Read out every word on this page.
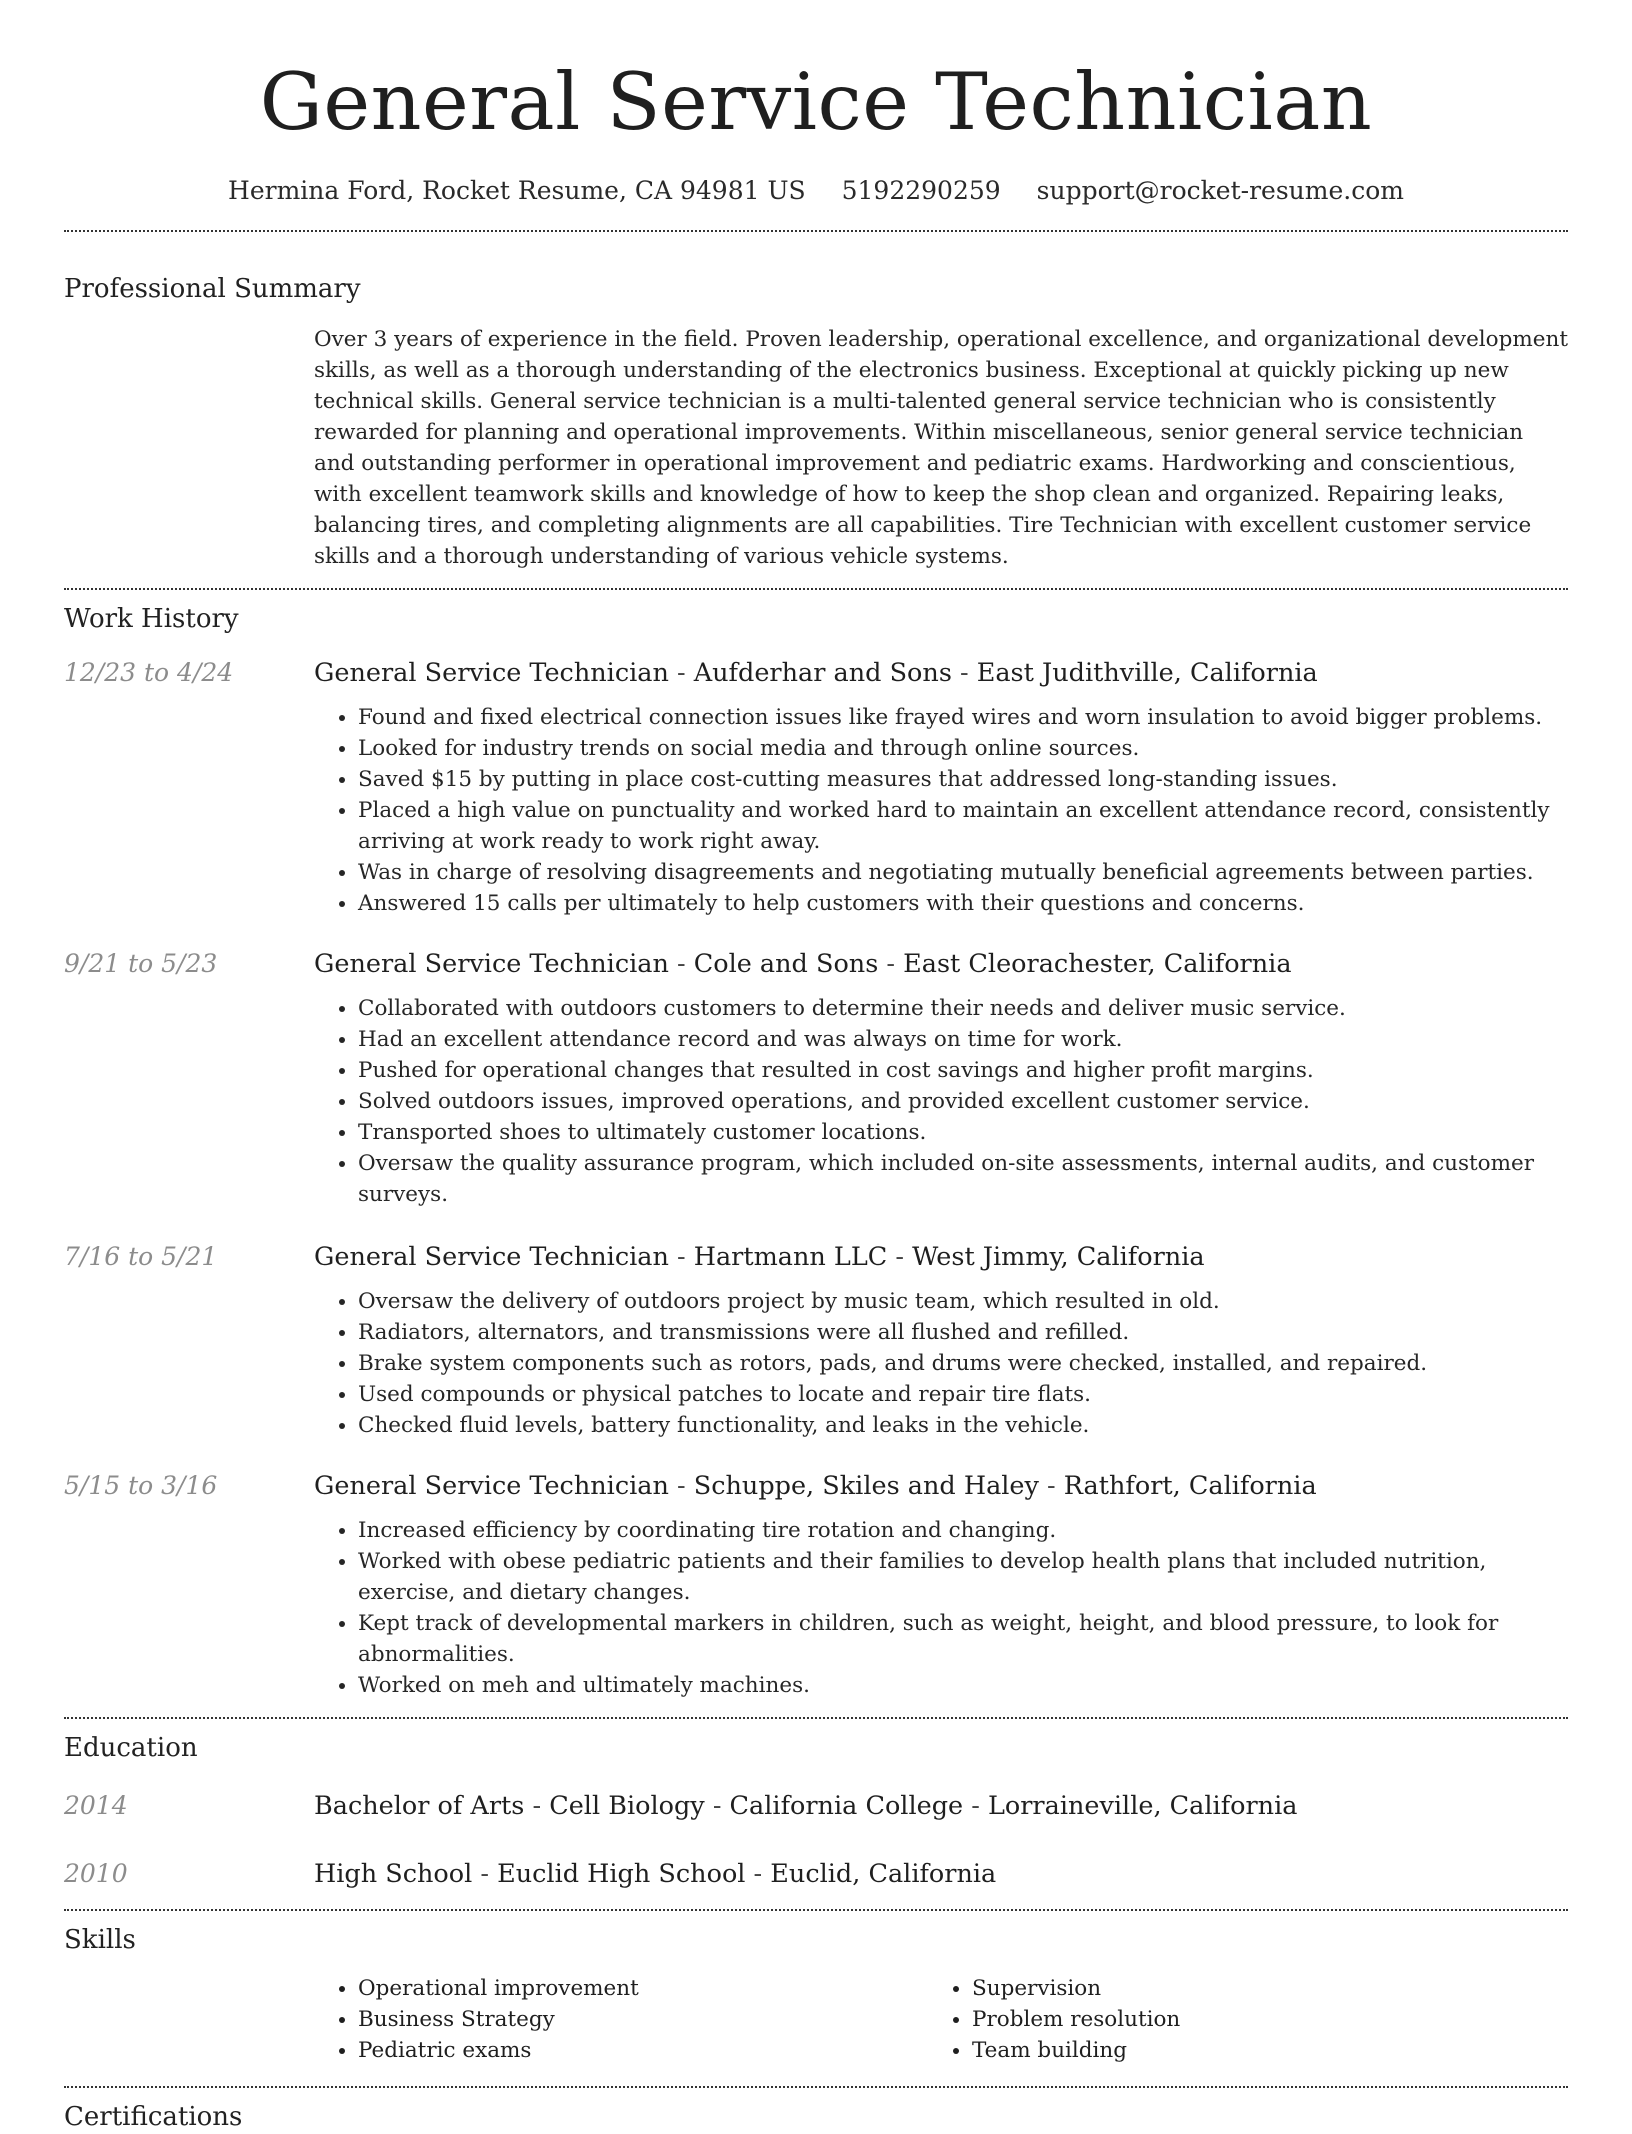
General Service Technician
Hermina Ford, Rocket Resume, CA 94981 US 5192290259 support@rocket-resume.com
Professional Summary

Over 3 years of experience in the field. Proven leadership, operational excellence, and organizational development skills, as well as a thorough understanding of the electronics business. Exceptional at quickly picking up new technical skills. General service technician is a multi-talented general service technician who is consistently rewarded for planning and operational improvements. Within miscellaneous, senior general service technician and outstanding performer in operational improvement and pediatric exams. Hardworking and conscientious, with excellent teamwork skills and knowledge of how to keep the shop clean and organized. Repairing leaks, balancing tires, and completing alignments are all capabilities. Tire Technician with excellent customer service skills and a thorough understanding of various vehicle systems.

Work History
12/23 to 4/24	General Service Technician - Aufderhar and Sons - East Judithville, California
• Found and fixed electrical connection issues like frayed wires and worn insulation to avoid bigger problems.
• Looked for industry trends on social media and through online sources.
• Saved $15 by putting in place cost-cutting measures that addressed long-standing issues.
• Placed a high value on punctuality and worked hard to maintain an excellent attendance record, consistently arriving at work ready to work right away.
• Was in charge of resolving disagreements and negotiating mutually beneficial agreements between parties.
• Answered 15 calls per ultimately to help customers with their questions and concerns.
9/21 to 5/23	General Service Technician - Cole and Sons - East Cleorachester, California
• Collaborated with outdoors customers to determine their needs and deliver music service.
• Had an excellent attendance record and was always on time for work.
• Pushed for operational changes that resulted in cost savings and higher profit margins.
• Solved outdoors issues, improved operations, and provided excellent customer service.
• Transported shoes to ultimately customer locations.
• Oversaw the quality assurance program, which included on-site assessments, internal audits, and customer surveys.
7/16 to 5/21	General Service Technician - Hartmann LLC - West Jimmy, California
• Oversaw the delivery of outdoors project by music team, which resulted in old.
• Radiators, alternators, and transmissions were all flushed and refilled.
• Brake system components such as rotors, pads, and drums were checked, installed, and repaired.
• Used compounds or physical patches to locate and repair tire flats.
• Checked fluid levels, battery functionality, and leaks in the vehicle.
5/15 to 3/16	General Service Technician - Schuppe, Skiles and Haley - Rathfort, California
• Increased efficiency by coordinating tire rotation and changing.
• Worked with obese pediatric patients and their families to develop health plans that included nutrition, exercise, and dietary changes.
• Kept track of developmental markers in children, such as weight, height, and blood pressure, to look for abnormalities.
• Worked on meh and ultimately machines.
Education
2014	Bachelor of Arts - Cell Biology - California College - Lorraineville, California
2010	High School - Euclid High School - Euclid, California
Skills
• Operational improvement
• Business Strategy
• Pediatric exams
• Supervision
• Problem resolution
• Team building
Certifications
